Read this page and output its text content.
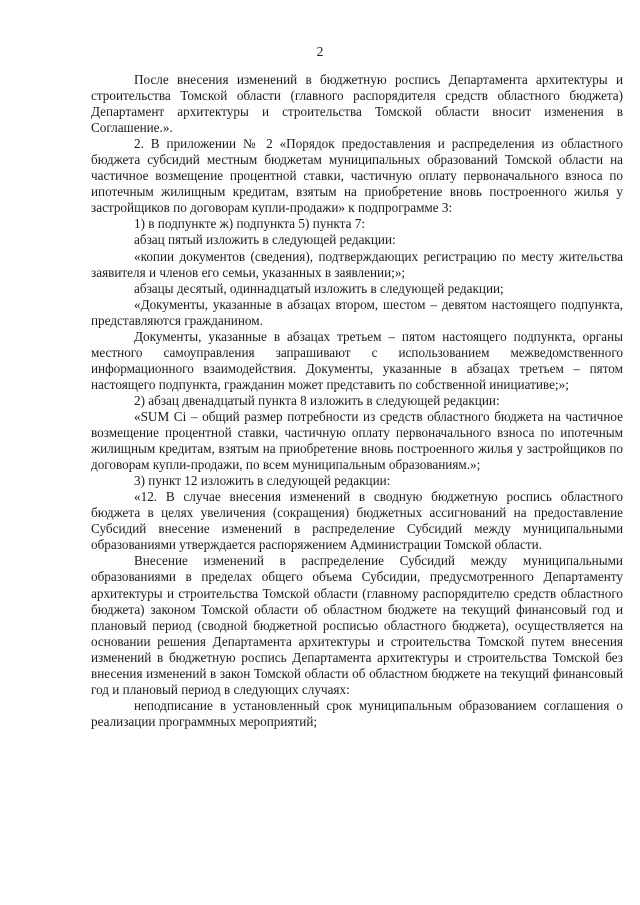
2

После внесения изменений в бюджетную роспись Департамента архитектуры и строительства Томской области (главного распорядителя средств областного бюджета) Департамент архитектуры и строительства Томской области вносит изменения в Соглашение.».

2. В приложении № 2 «Порядок предоставления и распределения из областного бюджета субсидий местным бюджетам муниципальных образований Томской области на частичное возмещение процентной ставки, частичную оплату первоначального взноса по ипотечным жилищным кредитам, взятым на приобретение вновь построенного жилья у застройщиков по договорам купли-продажи» к подпрограмме 3:

1) в подпункте ж) подпункта 5) пункта 7:

абзац пятый изложить в следующей редакции:

«копии документов (сведения), подтверждающих регистрацию по месту жительства заявителя и членов его семьи, указанных в заявлении;»;

абзацы десятый, одиннадцатый изложить в следующей редакции;

«Документы, указанные в абзацах втором, шестом – девятом настоящего подпункта, представляются гражданином.

Документы, указанные в абзацах третьем – пятом настоящего подпункта, органы местного самоуправления запрашивают с использованием межведомственного информационного взаимодействия. Документы, указанные в абзацах третьем – пятом настоящего подпункта, гражданин может представить по собственной инициативе;»;

2) абзац двенадцатый пункта 8 изложить в следующей редакции:

«SUM Ci – общий размер потребности из средств областного бюджета на частичное возмещение процентной ставки, частичную оплату первоначального взноса по ипотечным жилищным кредитам, взятым на приобретение вновь построенного жилья у застройщиков по договорам купли-продажи, по всем муниципальным образованиям.»;

3) пункт 12 изложить в следующей редакции:

«12. В случае внесения изменений в сводную бюджетную роспись областного бюджета в целях увеличения (сокращения) бюджетных ассигнований на предоставление Субсидий внесение изменений в распределение Субсидий между муниципальными образованиями утверждается распоряжением Администрации Томской области.

Внесение изменений в распределение Субсидий между муниципальными образованиями в пределах общего объема Субсидии, предусмотренного Департаменту архитектуры и строительства Томской области (главному распорядителю средств областного бюджета) законом Томской области об областном бюджете на текущий финансовый год и плановый период (сводной бюджетной росписью областного бюджета), осуществляется на основании решения Департамента архитектуры и строительства Томской путем внесения изменений в бюджетную роспись Департамента архитектуры и строительства Томской без внесения изменений в закон Томской области об областном бюджете на текущий финансовый год и плановый период в следующих случаях:

неподписание в установленный срок муниципальным образованием соглашения о реализации программных мероприятий;
